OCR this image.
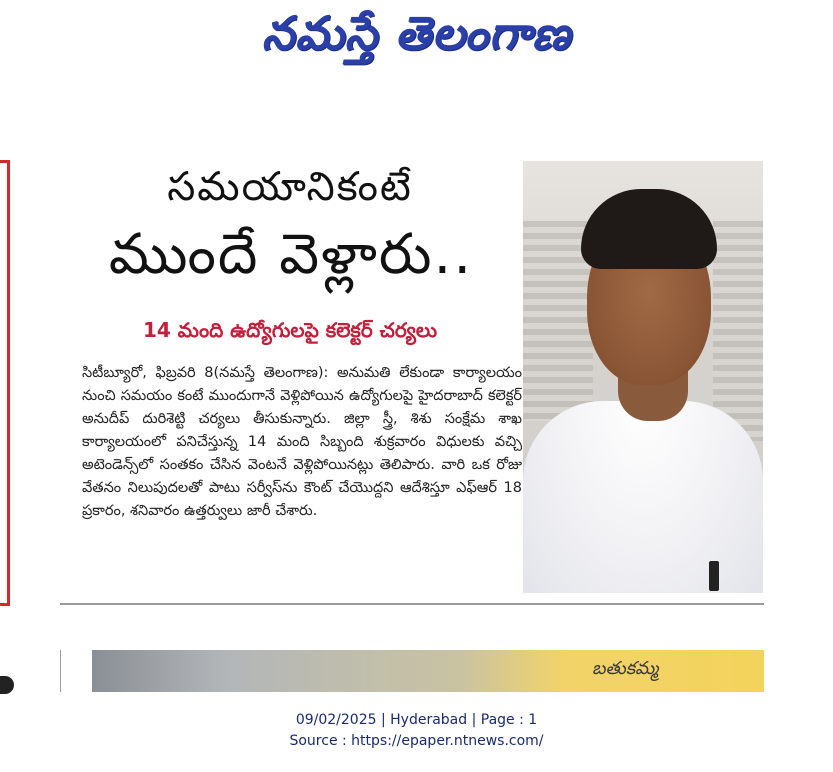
నమస్తే తెలంగాణ
సమయానికంటే
ముందే వెళ్లారు..
14 మంది ఉద్యోగులపై కలెక్టర్ చర్యలు
సిటీబ్యూరో, ఫిబ్రవరి 8(నమస్తే తెలంగాణ): అనుమతి లేకుండా కార్యాలయం నుంచి సమయం కంటే ముందుగానే వెళ్లిపోయిన ఉద్యోగులపై హైదరాబాద్ కలెక్టర్ అనుదీప్ దురిశెట్టి చర్యలు తీసుకున్నారు. జిల్లా స్త్రీ, శిశు సంక్షేమ శాఖ కార్యాలయంలో పనిచేస్తున్న 14 మంది సిబ్బంది శుక్రవారం విధులకు వచ్చి అటెండెన్స్‌లో సంతకం చేసిన వెంటనే వెళ్లిపోయినట్లు తెలిపారు. వారి ఒక రోజు వేతనం నిలుపుదలతో పాటు సర్వీస్‌ను కౌంట్ చేయొద్దని ఆదేశిస్తూ ఎఫ్ఆర్ 18 ప్రకారం, శనివారం ఉత్తర్వులు జారీ చేశారు.
బతుకమ్మ
09/02/2025 | Hyderabad | Page : 1
Source : https://epaper.ntnews.com/
